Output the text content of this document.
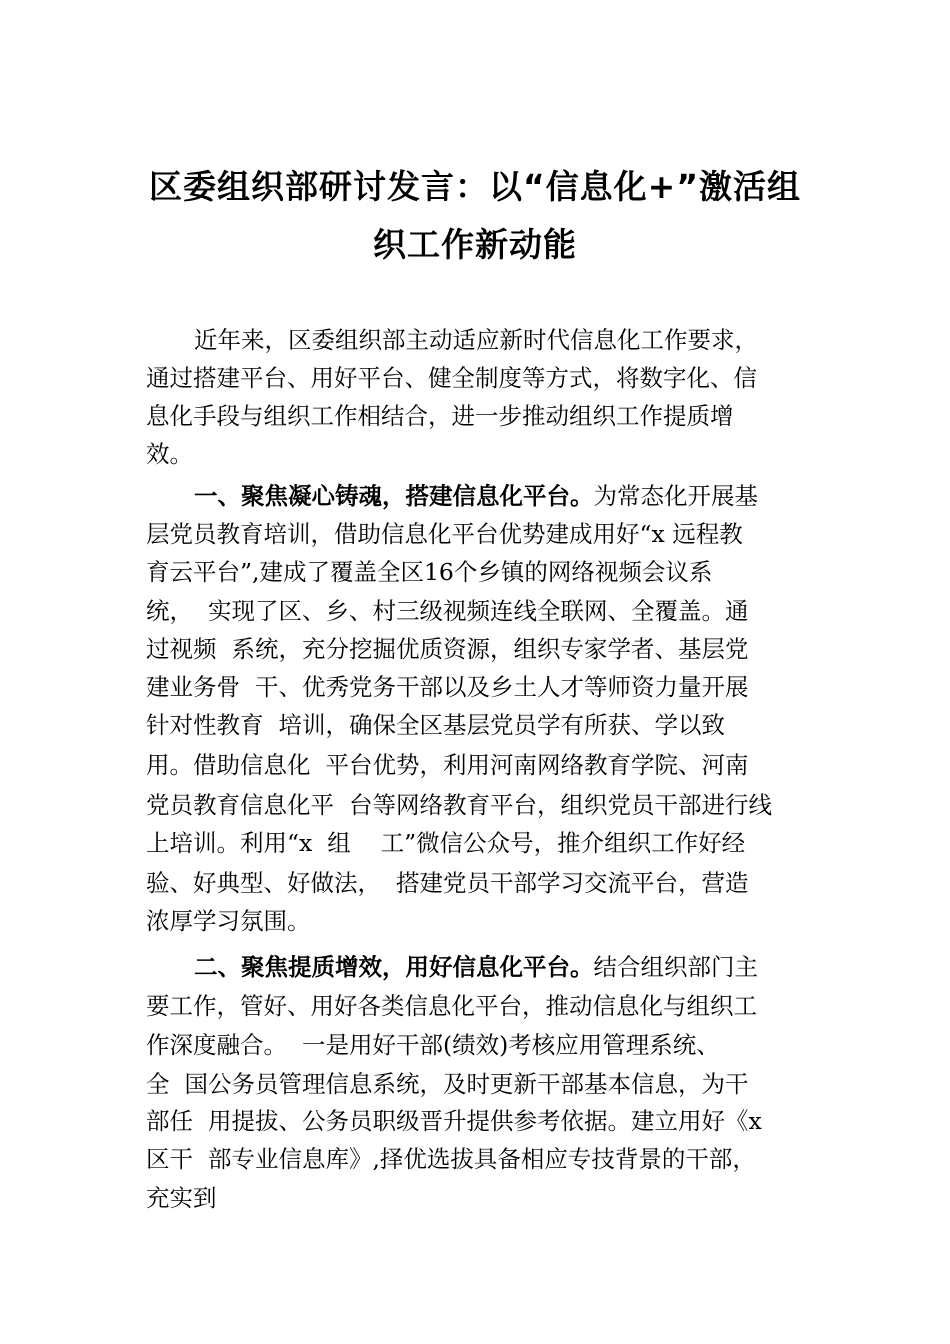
区委组织部研讨发言：以“信息化+”激活组
织工作新动能
近年来，区委组织部主动适应新时代信息化工作要求，
通过搭建平台、用好平台、健全制度等方式，将数字化、信
息化手段与组织工作相结合，进一步推动组织工作提质增
效。
一、聚焦凝心铸魂，搭建信息化平台。为常态化开展基
层党员教育培训，借助信息化平台优势建成用好“x 远程教
育云平台”,建成了覆盖全区16个乡镇的网络视频会议系
统，  实现了区、乡、村三级视频连线全联网、全覆盖。通
过视频  系统，充分挖掘优质资源，组织专家学者、基层党
建业务骨  干、优秀党务干部以及乡土人才等师资力量开展
针对性教育  培训，确保全区基层党员学有所获、学以致
用。借助信息化  平台优势，利用河南网络教育学院、河南
党员教育信息化平  台等网络教育平台，组织党员干部进行线
上培训。利用“x  组    工”微信公众号，推介组织工作好经
验、好典型、好做法，  搭建党员干部学习交流平台，营造
浓厚学习氛围。
二、聚焦提质增效，用好信息化平台。结合组织部门主
要工作，管好、用好各类信息化平台，推动信息化与组织工
作深度融合。  一是用好干部(绩效)考核应用管理系统、
全  国公务员管理信息系统，及时更新干部基本信息，为干
部任  用提拔、公务员职级晋升提供参考依据。建立用好《x
区干  部专业信息库》,择优选拔具备相应专技背景的干部，
充实到
